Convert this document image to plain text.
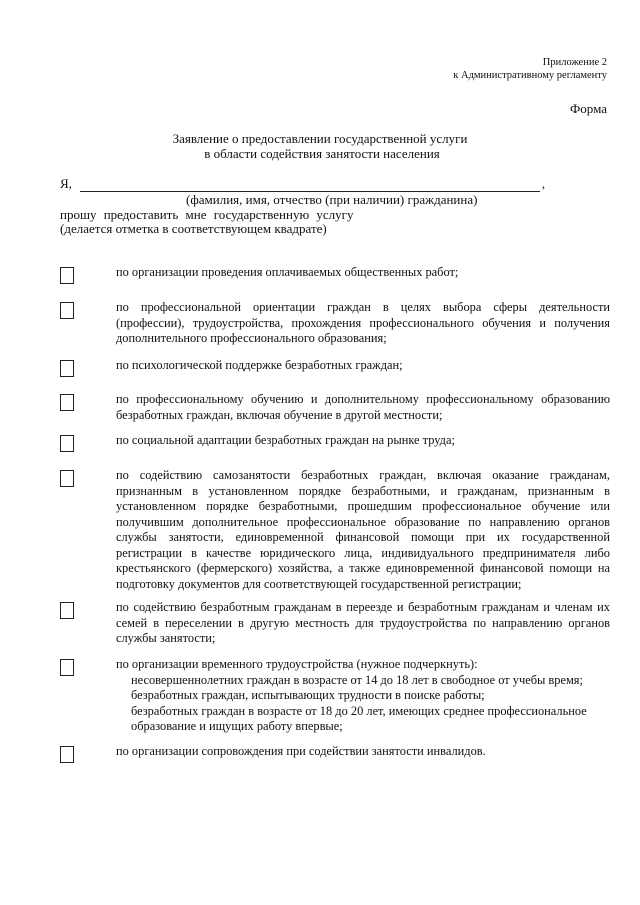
Приложение 2
к Административному регламенту
Форма
Заявление о предоставлении государственной услуги
в области содействия занятости населения
Я,	,
(фамилия, имя, отчество (при наличии) гражданина)
прошу предоставить мне государственную услугу
(делается отметка в соответствующем квадрате)
по организации проведения оплачиваемых общественных работ;
по профессиональной ориентации граждан в целях выбора сферы деятельности (профессии), трудоустройства, прохождения профессионального обучения и получения дополнительного профессионального образования;
по психологической поддержке безработных граждан;
по профессиональному обучению и дополнительному профессиональному образованию безработных граждан, включая обучение в другой местности;
по социальной адаптации безработных граждан на рынке труда;
по содействию самозанятости безработных граждан, включая оказание гражданам, признанным в установленном порядке безработными, и гражданам, признанным в установленном порядке безработными, прошедшим профессиональное обучение или получившим дополнительное профессиональное образование по направлению органов службы занятости, единовременной финансовой помощи при их государственной регистрации в качестве юридического лица, индивидуального предпринимателя либо крестьянского (фермерского) хозяйства, а также единовременной финансовой помощи на подготовку документов для соответствующей государственной регистрации;
по содействию безработным гражданам в переезде и безработным гражданам и членам их семей в переселении в другую местность для трудоустройства по направлению органов службы занятости;
по организации временного трудоустройства (нужное подчеркнуть):
несовершеннолетних граждан в возрасте от 14 до 18 лет в свободное от учебы время;
безработных граждан, испытывающих трудности в поиске работы;
безработных граждан в возрасте от 18 до 20 лет, имеющих среднее профессиональное образование и ищущих работу впервые;
по организации сопровождения при содействии занятости инвалидов.
